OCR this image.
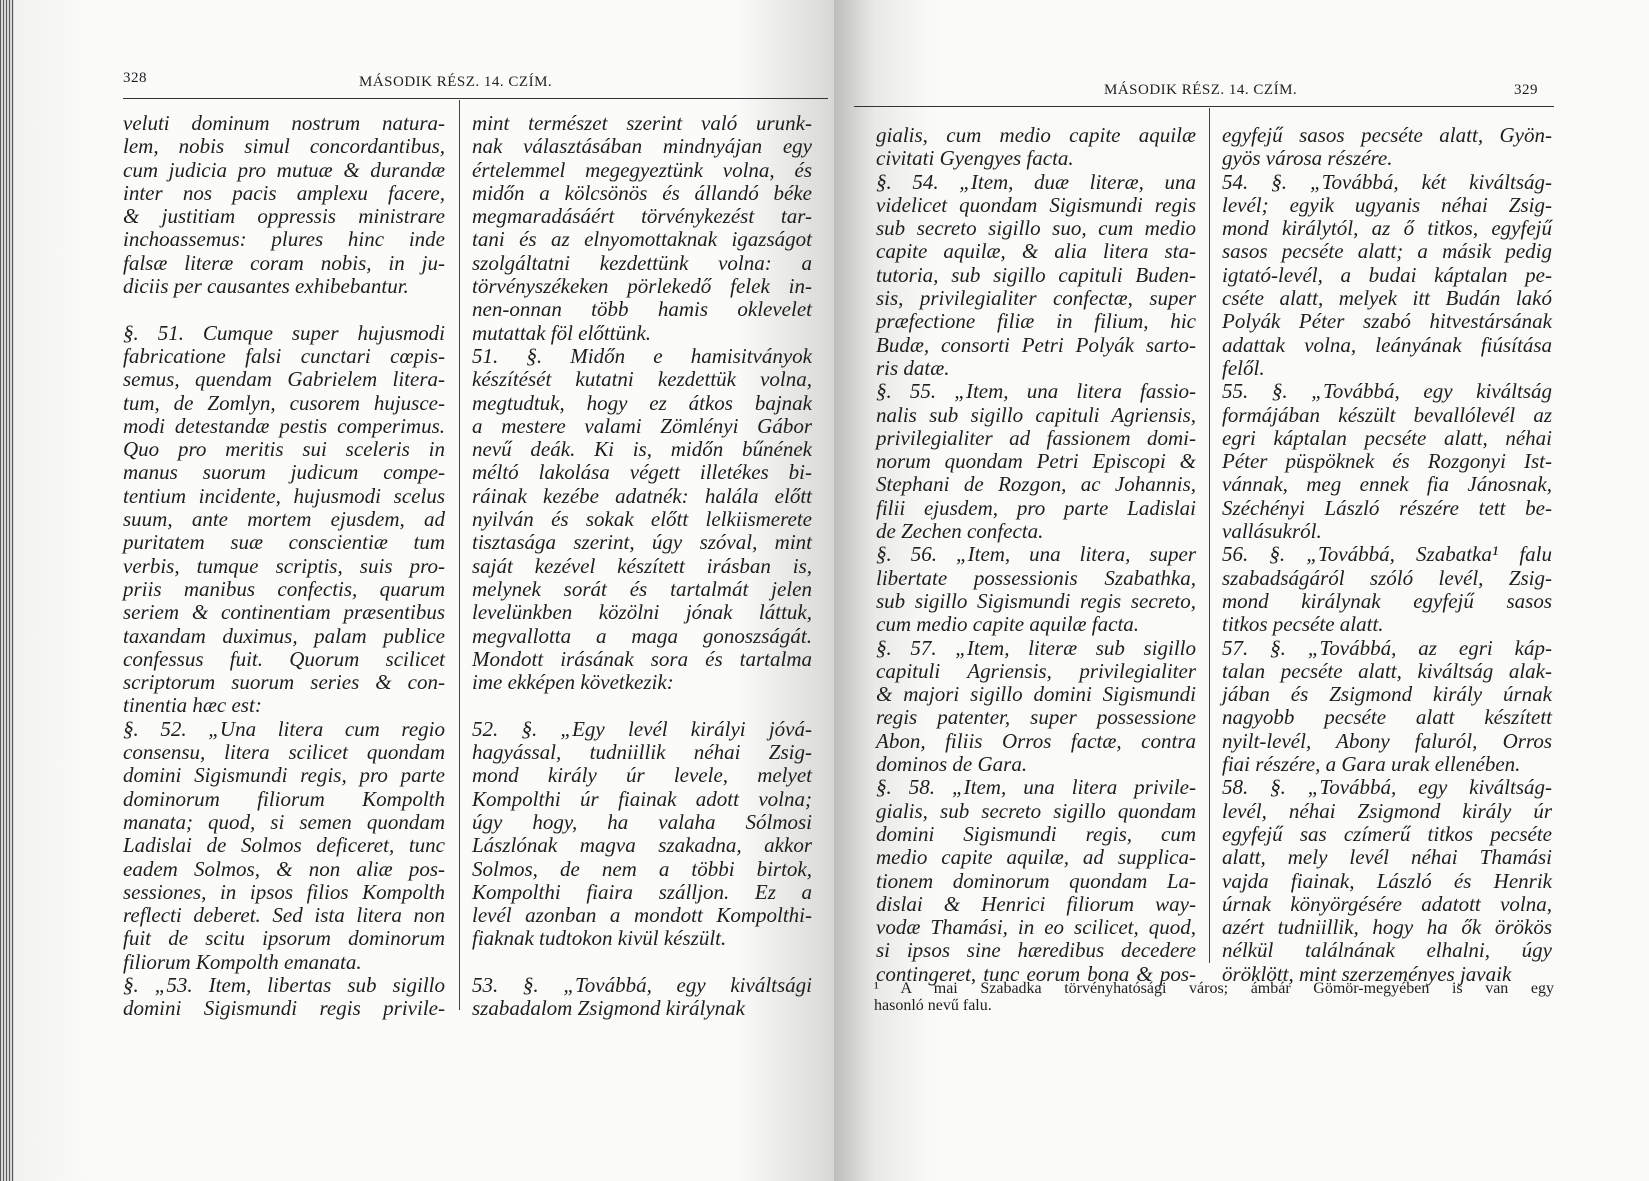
328	MÁSODIK RÉSZ. 14. CZÍM.
veluti dominum nostrum natura-
lem, nobis simul concordantibus,
cum judicia pro mutuæ & durandæ
inter nos pacis amplexu facere,
& justitiam oppressis ministrare
inchoassemus: plures hinc inde
falsæ literæ coram nobis, in ju-
diciis per causantes exhibebantur.
§. 51. Cumque super hujusmodi
fabricatione falsi cunctari cœpis-
semus, quendam Gabrielem litera-
tum, de Zomlyn, cusorem hujusce-
modi detestandæ pestis comperimus.
Quo pro meritis sui sceleris in
manus suorum judicum compe-
tentium incidente, hujusmodi scelus
suum, ante mortem ejusdem, ad
puritatem suæ conscientiæ tum
verbis, tumque scriptis, suis pro-
priis manibus confectis, quarum
seriem & continentiam præsentibus
taxandam duximus, palam publice
confessus fuit. Quorum scilicet
scriptorum suorum series & con-
tinentia hæc est:
§. 52. „Una litera cum regio
consensu, litera scilicet quondam
domini Sigismundi regis, pro parte
dominorum filiorum Kompolth
manata; quod, si semen quondam
Ladislai de Solmos deficeret, tunc
eadem Solmos, & non aliæ pos-
sessiones, in ipsos filios Kompolth
reflecti deberet. Sed ista litera non
fuit de scitu ipsorum dominorum
filiorum Kompolth emanata.
§. „53. Item, libertas sub sigillo
domini Sigismundi regis privile-
mint természet szerint való urunk-
nak választásában mindnyájan egy
értelemmel megegyeztünk volna, és
midőn a kölcsönös és állandó béke
megmaradásáért törvénykezést tar-
tani és az elnyomottaknak igazságot
szolgáltatni kezdettünk volna: a
törvényszékeken pörlekedő felek in-
nen-onnan több hamis oklevelet
mutattak föl előttünk.
51. §. Midőn e hamisitványok
készítését kutatni kezdettük volna,
megtudtuk, hogy ez átkos bajnak
a mestere valami Zömlényi Gábor
nevű deák. Ki is, midőn bűnének
méltó lakolása végett illetékes bi-
ráinak kezébe adatnék: halála előtt
nyilván és sokak előtt lelkiismerete
tisztasága szerint, úgy szóval, mint
saját kezével készített irásban is,
melynek sorát és tartalmát jelen
levelünkben közölni jónak láttuk,
megvallotta a maga gonoszságát.
Mondott irásának sora és tartalma
ime ekképen következik:
52. §. „Egy levél királyi jóvá-
hagyással, tudniillik néhai Zsig-
mond király úr levele, melyet
Kompolthi úr fiainak adott volna;
úgy hogy, ha valaha Sólmosi
Lászlónak magva szakadna, akkor
Solmos, de nem a többi birtok,
Kompolthi fiaira szálljon. Ez a
levél azonban a mondott Kompolthi-
fiaknak tudtokon kivül készült.
53. §. „Továbbá, egy kiváltsági
szabadalom Zsigmond királynak
MÁSODIK RÉSZ. 14. CZÍM.	329
gialis, cum medio capite aquilæ
civitati Gyengyes facta.
§. 54. „Item, duæ literæ, una
videlicet quondam Sigismundi regis
sub secreto sigillo suo, cum medio
capite aquilæ, & alia litera sta-
tutoria, sub sigillo capituli Buden-
sis, privilegialiter confectæ, super
præfectione filiæ in filium, hic
Budæ, consorti Petri Polyák sarto-
ris datæ.
§. 55. „Item, una litera fassio-
nalis sub sigillo capituli Agriensis,
privilegialiter ad fassionem domi-
norum quondam Petri Episcopi &
Stephani de Rozgon, ac Johannis,
filii ejusdem, pro parte Ladislai
de Zechen confecta.
§. 56. „Item, una litera, super
libertate possessionis Szabathka,
sub sigillo Sigismundi regis secreto,
cum medio capite aquilæ facta.
§. 57. „Item, literæ sub sigillo
capituli Agriensis, privilegialiter
& majori sigillo domini Sigismundi
regis patenter, super possessione
Abon, filiis Orros factæ, contra
dominos de Gara.
§. 58. „Item, una litera privile-
gialis, sub secreto sigillo quondam
domini Sigismundi regis, cum
medio capite aquilæ, ad supplica-
tionem dominorum quondam La-
dislai & Henrici filiorum way-
vodæ Thamási, in eo scilicet, quod,
si ipsos sine hæredibus decedere
contingeret, tunc eorum bona & pos-
egyfejű sasos pecséte alatt, Gyön-
gyös városa részére.
54. §. „Továbbá, két kiváltság-
levél; egyik ugyanis néhai Zsig-
mond királytól, az ő titkos, egyfejű
sasos pecséte alatt; a másik pedig
igtató-levél, a budai káptalan pe-
cséte alatt, melyek itt Budán lakó
Polyák Péter szabó hitvestársának
adattak volna, leányának fiúsítása
felől.
55. §. „Továbbá, egy kiváltság
formájában készült bevallólevél az
egri káptalan pecséte alatt, néhai
Péter püspöknek és Rozgonyi Ist-
vánnak, meg ennek fia Jánosnak,
Széchényi László részére tett be-
vallásukról.
56. §. „Továbbá, Szabatka¹ falu
szabadságáról szóló levél, Zsig-
mond királynak egyfejű sasos
titkos pecséte alatt.
57. §. „Továbbá, az egri káp-
talan pecséte alatt, kiváltság alak-
jában és Zsigmond király úrnak
nagyobb pecséte alatt készített
nyilt-levél, Abony faluról, Orros
fiai részére, a Gara urak ellenében.
58. §. „Továbbá, egy kiváltság-
levél, néhai Zsigmond király úr
egyfejű sas czímerű titkos pecséte
alatt, mely levél néhai Thamási
vajda fiainak, László és Henrik
úrnak könyörgésére adatott volna,
azért tudniillik, hogy ha ők örökös
nélkül találnának elhalni, úgy
öröklött, mint szerzeményes javaik
¹ A mai Szabadka törvényhatósági város; ámbár Gömör-megyében is van egy
hasonló nevű falu.
